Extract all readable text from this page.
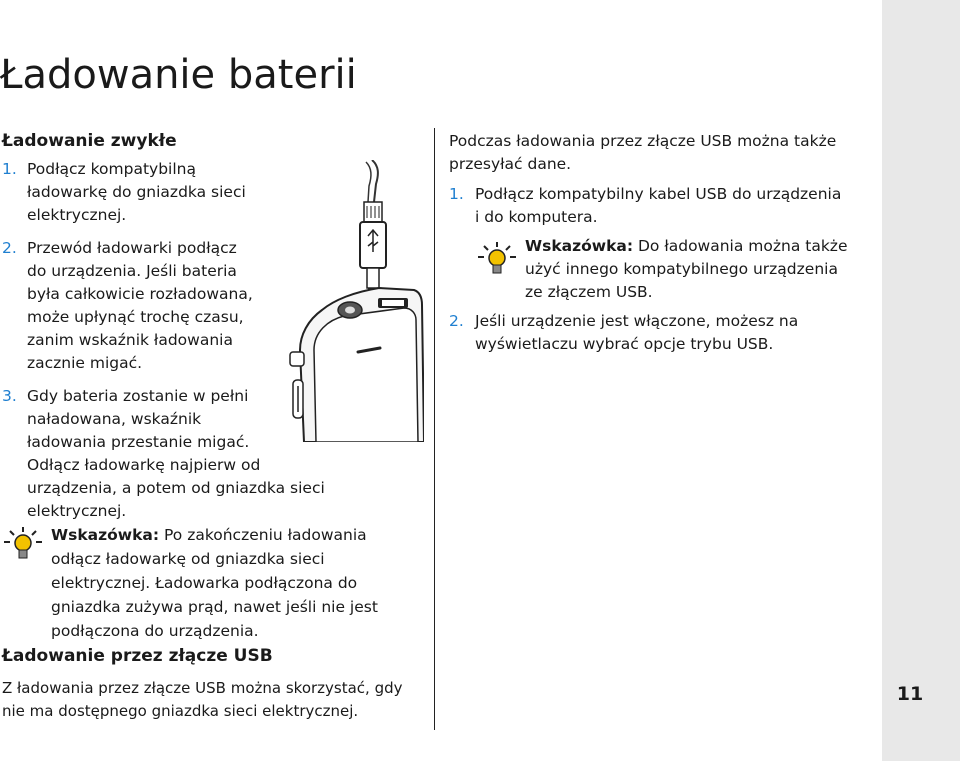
11
Ładowanie baterii
Ładowanie zwykłe
1. Podłącz kompatybilną
ładowarkę do gniazdka sieci
elektrycznej.
2. Przewód ładowarki podłącz
do urządzenia. Jeśli bateria
była całkowicie rozładowana,
może upłynąć trochę czasu,
zanim wskaźnik ładowania
zacznie migać.
3. Gdy bateria zostanie w pełni
naładowana, wskaźnik
ładowania przestanie migać.
Odłącz ładowarkę najpierw od
urządzenia, a potem od gniazdka sieci
elektrycznej.
Wskazówka: Po zakończeniu ładowania
odłącz ładowarkę od gniazdka sieci
elektrycznej. Ładowarka podłączona do
gniazdka zużywa prąd, nawet jeśli nie jest
podłączona do urządzenia.
Ładowanie przez złącze USB
Z ładowania przez złącze USB można skorzystać, gdy
nie ma dostępnego gniazdka sieci elektrycznej.
Podczas ładowania przez złącze USB można także
przesyłać dane.
1. Podłącz kompatybilny kabel USB do urządzenia
i do komputera.
Wskazówka: Do ładowania można także
użyć innego kompatybilnego urządzenia
ze złączem USB.
2. Jeśli urządzenie jest włączone, możesz na
wyświetlaczu wybrać opcje trybu USB.
